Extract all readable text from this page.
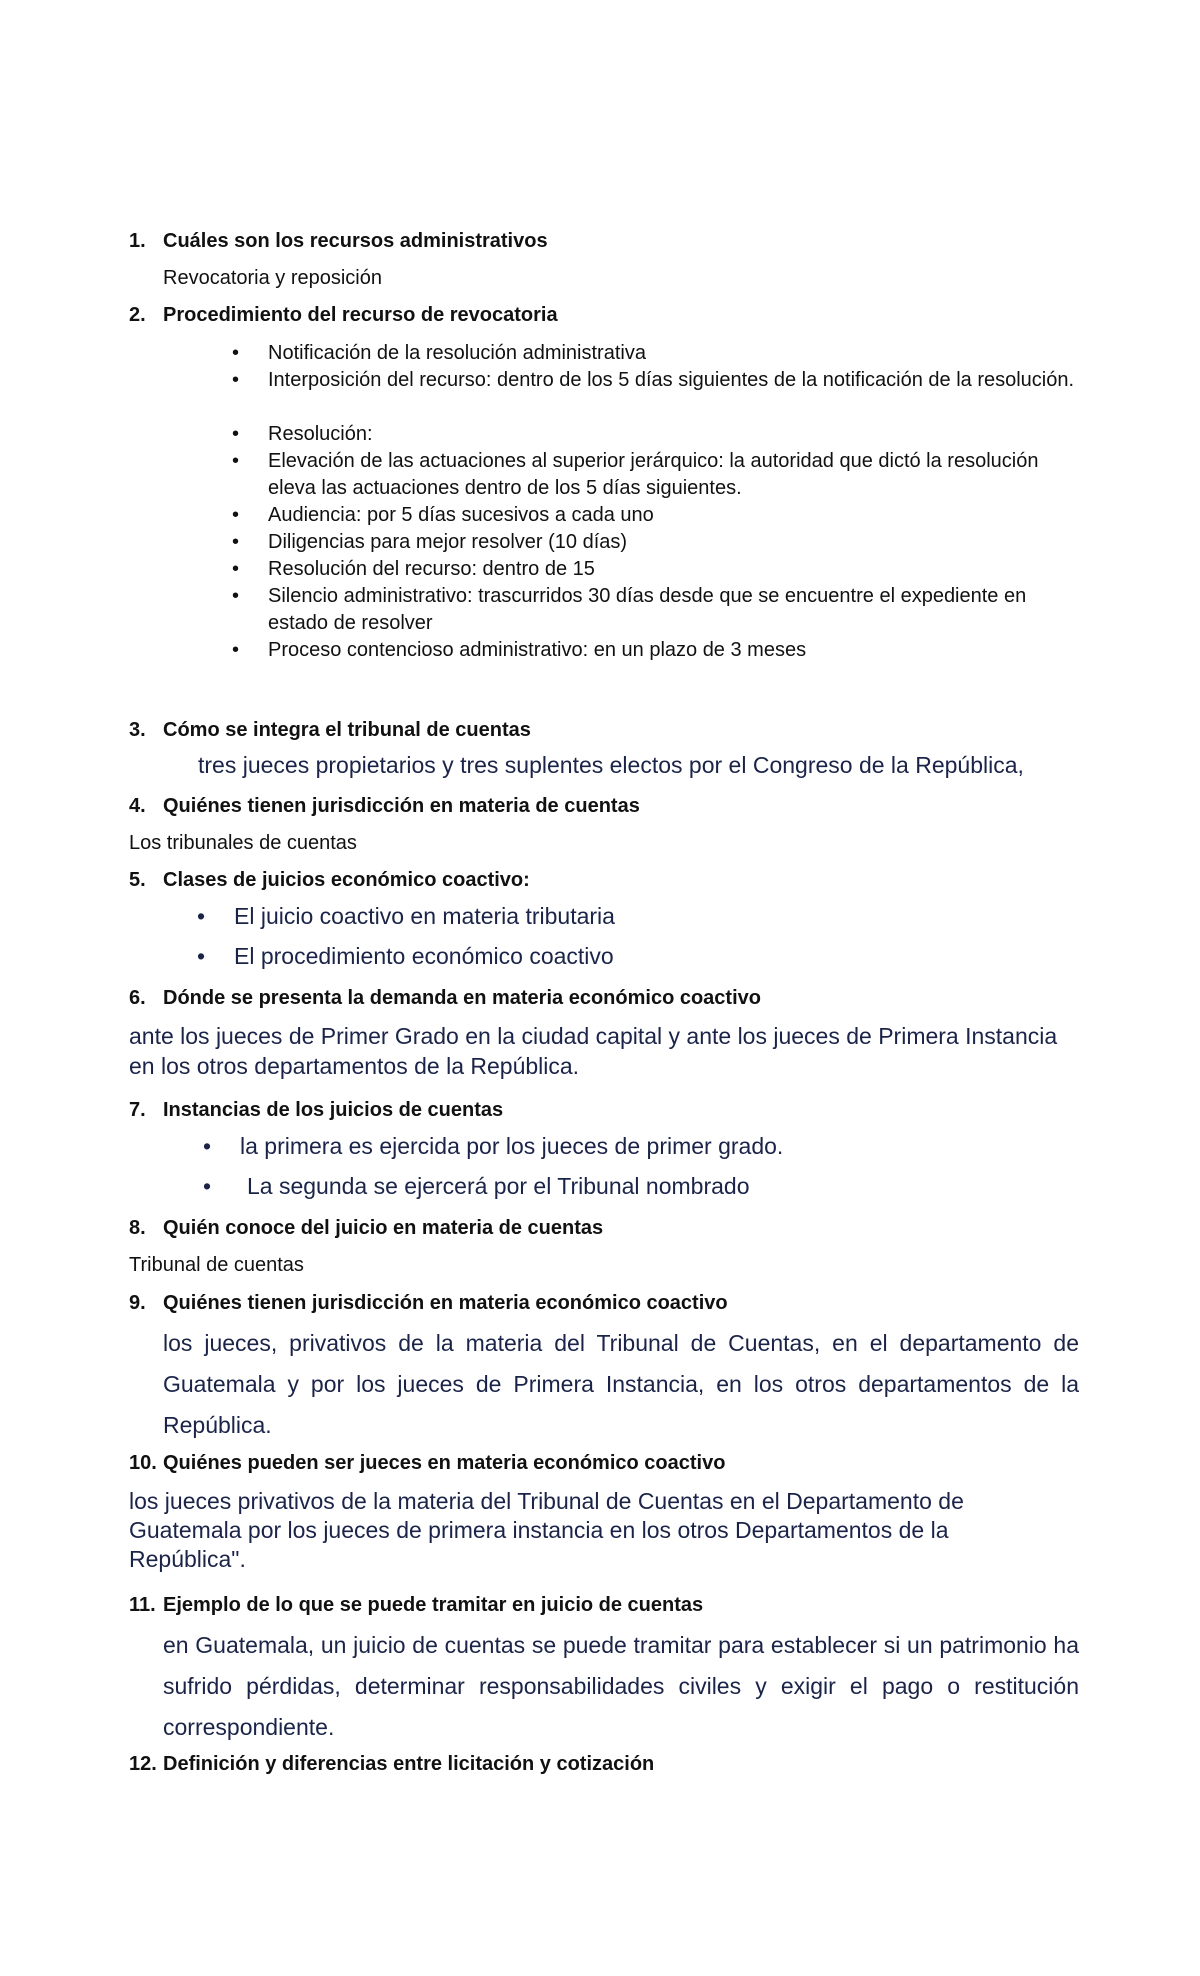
1. Cuáles son los recursos administrativos
Revocatoria y reposición
2. Procedimiento del recurso de revocatoria
• Notificación de la resolución administrativa
• Interposición del recurso: dentro de los 5 días siguientes de la notificación de la resolución.
• Resolución:
• Elevación de las actuaciones al superior jerárquico: la autoridad que dictó la resolución eleva las actuaciones dentro de los 5 días siguientes.
• Audiencia: por 5 días sucesivos a cada uno
• Diligencias para mejor resolver (10 días)
• Resolución del recurso: dentro de 15
• Silencio administrativo: trascurridos 30 días desde que se encuentre el expediente en estado de resolver
• Proceso contencioso administrativo: en un plazo de 3 meses
3. Cómo se integra el tribunal de cuentas
tres jueces propietarios y tres suplentes electos por el Congreso de la República,
4. Quiénes tienen jurisdicción en materia de cuentas
Los tribunales de cuentas
5. Clases de juicios económico coactivo:
• El juicio coactivo en materia tributaria
• El procedimiento económico coactivo
6. Dónde se presenta la demanda en materia económico coactivo
ante los jueces de Primer Grado en la ciudad capital y ante los jueces de Primera Instancia en los otros departamentos de la República.
7. Instancias de los juicios de cuentas
• la primera es ejercida por los jueces de primer grado.
• La segunda se ejercerá por el Tribunal nombrado
8. Quién conoce del juicio en materia de cuentas
Tribunal de cuentas
9. Quiénes tienen jurisdicción en materia económico coactivo
los jueces, privativos de la materia del Tribunal de Cuentas, en el departamento de Guatemala y por los jueces de Primera Instancia, en los otros departamentos de la República.
10. Quiénes pueden ser jueces en materia económico coactivo
los jueces privativos de la materia del Tribunal de Cuentas en el Departamento de Guatemala por los jueces de primera instancia en los otros Departamentos de la República".
11. Ejemplo de lo que se puede tramitar en juicio de cuentas
en Guatemala, un juicio de cuentas se puede tramitar para establecer si un patrimonio ha sufrido pérdidas, determinar responsabilidades civiles y exigir el pago o restitución correspondiente.
12. Definición y diferencias entre licitación y cotización
